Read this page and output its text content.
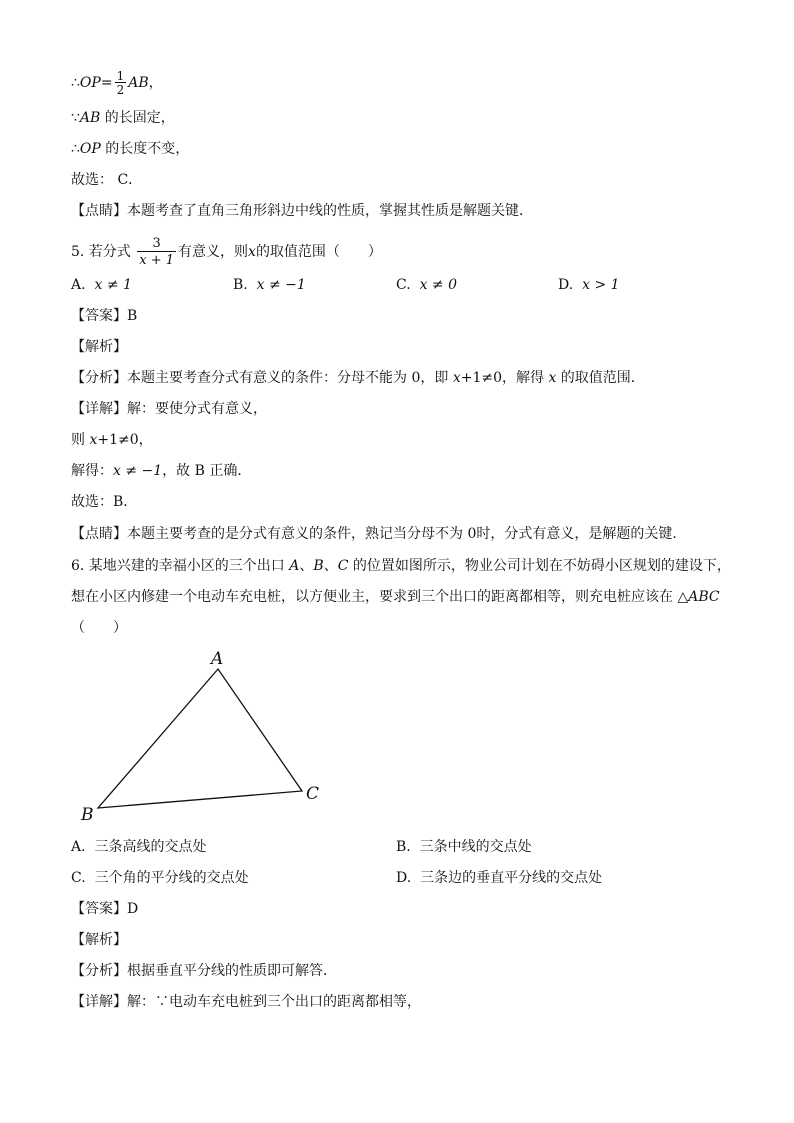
∴OP= $\frac{1}{2}$ AB，
∵AB 的长固定，
∴OP 的长度不变，
故选： C．
【点睛】本题考查了直角三角形斜边中线的性质，掌握其性质是解题关键．
5. 若分式 $\frac{3}{x + 1}$ 有意义，则x的取值范围（　　）
A. x ≠ 1	B. x ≠ −1	C. x ≠ 0	D. x > 1
【答案】B
【解析】
【分析】本题主要考查分式有意义的条件：分母不能为 0，即 x+1≠0，解得 x 的取值范围．
【详解】解：要使分式有意义，
则 x+1≠0，
解得：x ≠ −1，故 B 正确．
故选：B．
【点睛】本题主要考查的是分式有意义的条件，熟记当分母不为 0时，分式有意义，是解题的关键．
6. 某地兴建的幸福小区的三个出口 A、B、C 的位置如图所示，物业公司计划在不妨碍小区规划的建设下，
想在小区内修建一个电动车充电桩，以方便业主，要求到三个出口的距离都相等，则充电桩应该在 △ABC
（　　）
A
B
C
A. 三条高线的交点处	B. 三条中线的交点处
C. 三个角的平分线的交点处	D. 三条边的垂直平分线的交点处
【答案】D
【解析】
【分析】根据垂直平分线的性质即可解答．
【详解】解：∵电动车充电桩到三个出口的距离都相等，
